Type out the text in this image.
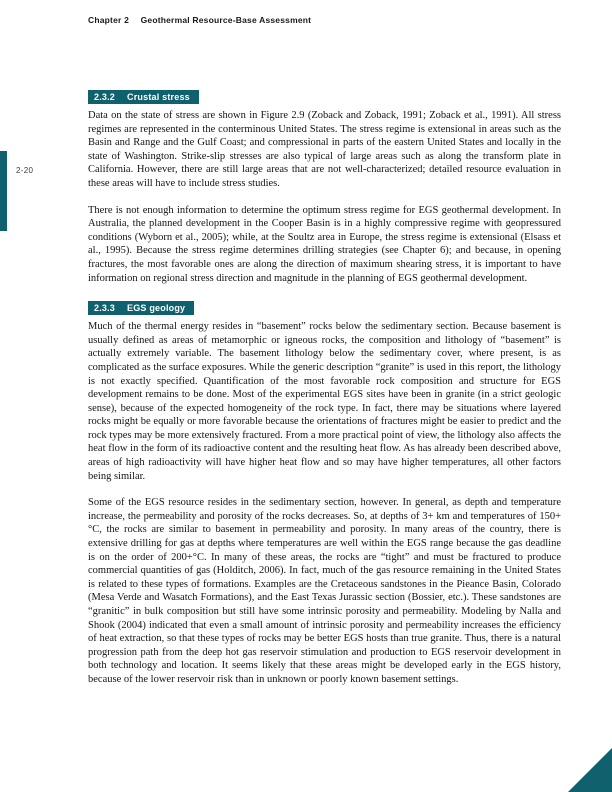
Chapter 2 Geothermal Resource-Base Assessment
2-20
2.3.2 Crustal stress

Data on the state of stress are shown in Figure 2.9 (Zoback and Zoback, 1991; Zoback et al., 1991). All stress regimes are represented in the conterminous United States. The stress regime is extensional in areas such as the Basin and Range and the Gulf Coast; and compressional in parts of the eastern United States and locally in the state of Washington. Strike-slip stresses are also typical of large areas such as along the transform plate in California. However, there are still large areas that are not well-characterized; detailed resource evaluation in these areas will have to include stress studies.

There is not enough information to determine the optimum stress regime for EGS geothermal development. In Australia, the planned development in the Cooper Basin is in a highly compressive regime with geopressured conditions (Wyborn et al., 2005); while, at the Soultz area in Europe, the stress regime is extensional (Elsass et al., 1995). Because the stress regime determines drilling strategies (see Chapter 6); and because, in opening fractures, the most favorable ones are along the direction of maximum shearing stress, it is important to have information on regional stress direction and magnitude in the planning of EGS geothermal development.

2.3.3 EGS geology

Much of the thermal energy resides in “basement” rocks below the sedimentary section. Because basement is usually defined as areas of metamorphic or igneous rocks, the composition and lithology of “basement” is actually extremely variable. The basement lithology below the sedimentary cover, where present, is as complicated as the surface exposures. While the generic description “granite” is used in this report, the lithology is not exactly specified. Quantification of the most favorable rock composition and structure for EGS development remains to be done. Most of the experimental EGS sites have been in granite (in a strict geologic sense), because of the expected homogeneity of the rock type. In fact, there may be situations where layered rocks might be equally or more favorable because the orientations of fractures might be easier to predict and the rock types may be more extensively fractured. From a more practical point of view, the lithology also affects the heat flow in the form of its radioactive content and the resulting heat flow. As has already been described above, areas of high radioactivity will have higher heat flow and so may have higher temperatures, all other factors being similar.

Some of the EGS resource resides in the sedimentary section, however. In general, as depth and temperature increase, the permeability and porosity of the rocks decreases. So, at depths of 3+ km and temperatures of 150+°C, the rocks are similar to basement in permeability and porosity. In many areas of the country, there is extensive drilling for gas at depths where temperatures are well within the EGS range because the gas deadline is on the order of 200+°C. In many of these areas, the rocks are “tight” and must be fractured to produce commercial quantities of gas (Holditch, 2006). In fact, much of the gas resource remaining in the United States is related to these types of formations. Examples are the Cretaceous sandstones in the Pieance Basin, Colorado (Mesa Verde and Wasatch Formations), and the East Texas Jurassic section (Bossier, etc.). These sandstones are “granitic” in bulk composition but still have some intrinsic porosity and permeability. Modeling by Nalla and Shook (2004) indicated that even a small amount of intrinsic porosity and permeability increases the efficiency of heat extraction, so that these types of rocks may be better EGS hosts than true granite. Thus, there is a natural progression path from the deep hot gas reservoir stimulation and production to EGS reservoir development in both technology and location. It seems likely that these areas might be developed early in the EGS history, because of the lower reservoir risk than in unknown or poorly known basement settings.
